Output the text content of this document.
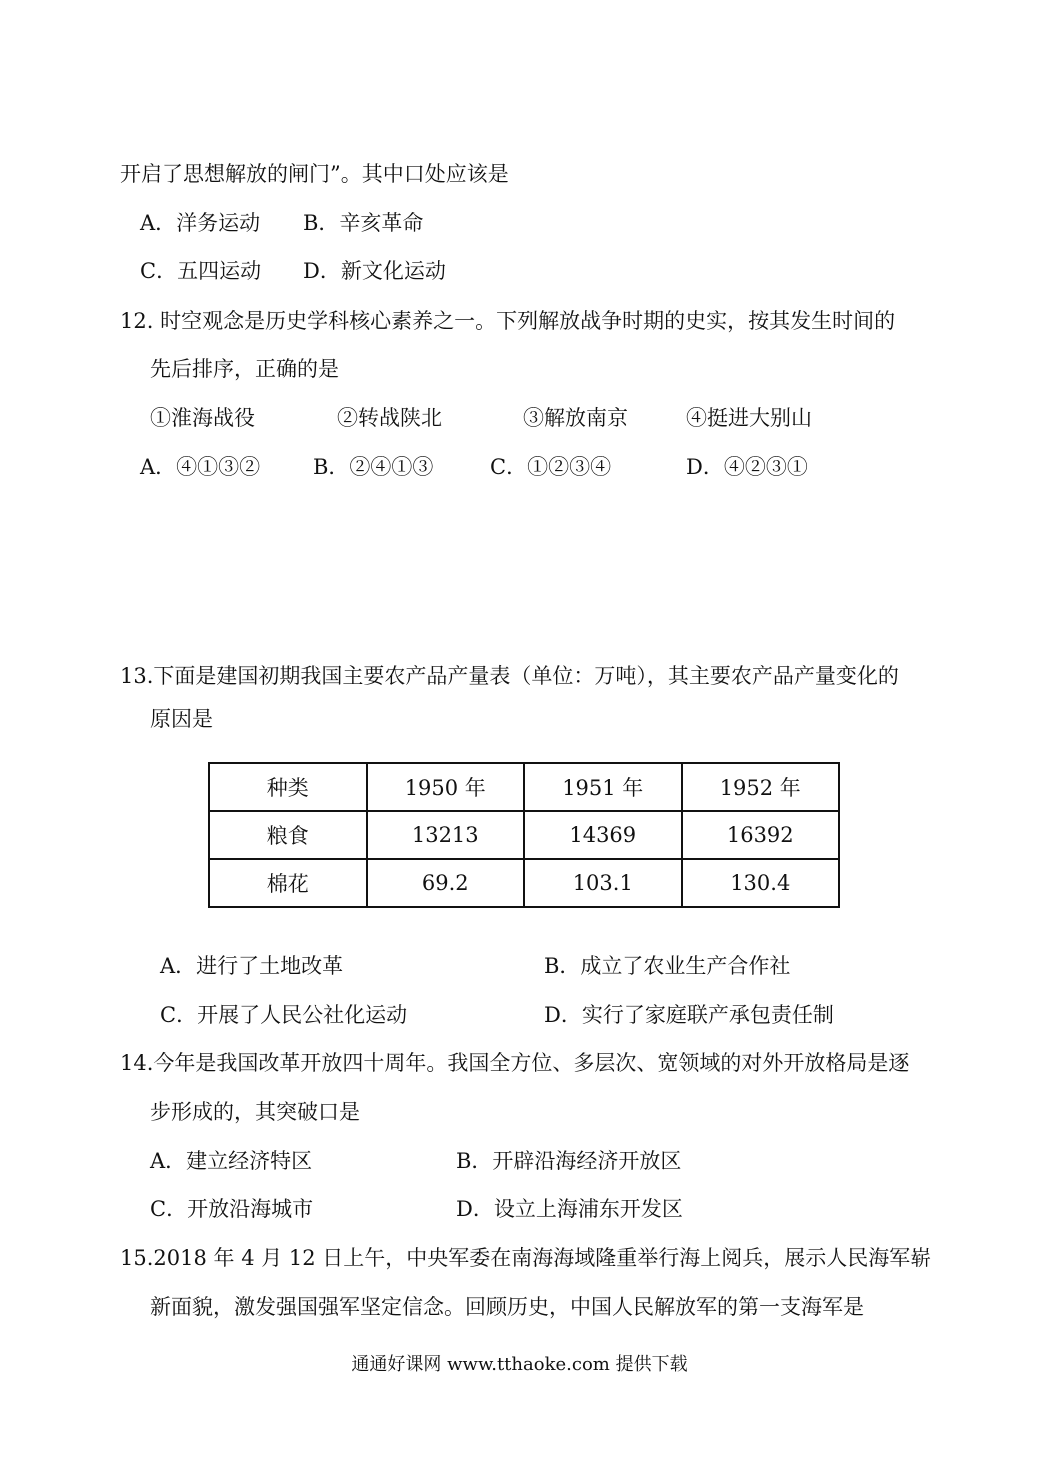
开启了思想解放的闸门”。其中口处应该是
A．洋务运动 B．辛亥革命
C．五四运动 D．新文化运动
12. 时空观念是历史学科核心素养之一。下列解放战争时期的史实，按其发生时间的
先后排序，正确的是
①淮海战役	②转战陕北	③解放南京	④挺进大别山
A．④①③②	B．②④①③	C．①②③④	D．④②③①
13.下面是建国初期我国主要农产品产量表（单位：万吨），其主要农产品产量变化的
原因是
种类	1950 年	1951 年	1952 年
粮食	13213	14369	16392
棉花	69.2	103.1	130.4
A．进行了土地改革	B．成立了农业生产合作社
C．开展了人民公社化运动	D．实行了家庭联产承包责任制
14.今年是我国改革开放四十周年。我国全方位、多层次、宽领域的对外开放格局是逐
步形成的，其突破口是
A．建立经济特区	B．开辟沿海经济开放区
C．开放沿海城市	D．设立上海浦东开发区
15.2018 年 4 月 12 日上午，中央军委在南海海域隆重举行海上阅兵，展示人民海军崭
新面貌，激发强国强军坚定信念。回顾历史，中国人民解放军的第一支海军是
通通好课网 www.tthaoke.com 提供下载
